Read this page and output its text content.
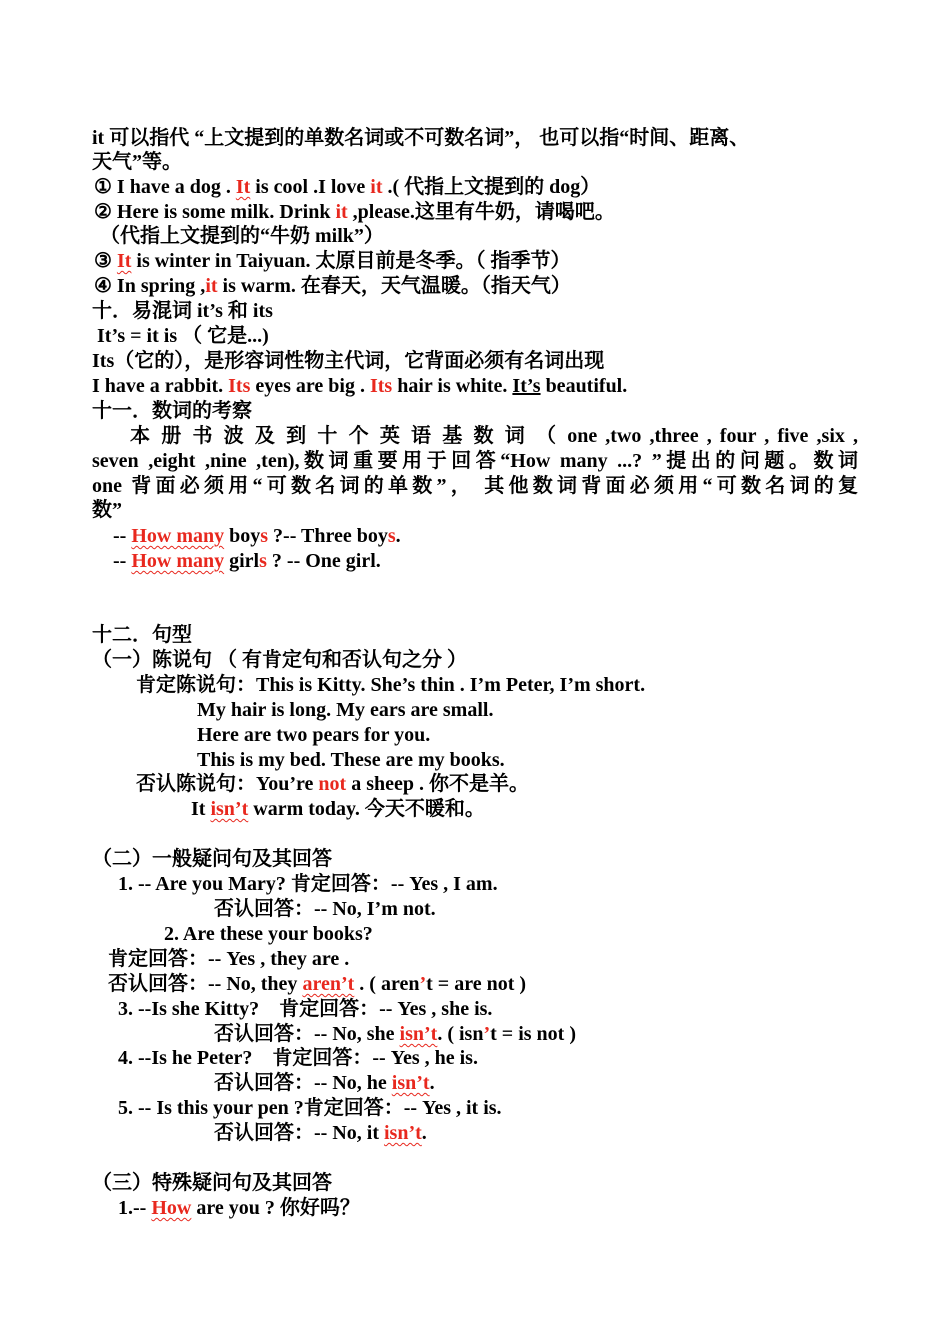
it 可以指代 “上文提到的单数名词或不可数名词”， 也可以指“时间、距离、
天气”等。
① I have a dog . It is cool .I love it .( 代指上文提到的 dog）
② Here is some milk. Drink it ,please.这里有牛奶，请喝吧。
（代指上文提到的“牛奶 milk”）
③ It is winter in Taiyuan. 太原目前是冬季。（ 指季节）
④ In spring ,it is warm. 在春天，天气温暖。（指天气）
十．易混词 it’s 和 its
It’s = it is （ 它是...)
Its（它的），是形容词性物主代词，它背面必须有名词出现
I have a rabbit. Its eyes are big . Its hair is white. It’s beautiful.
十一．数词的考察
本 册 书 波 及 到 十 个 英 语 基 数 词 （ one ,two ,three , four , five ,six ,
seven ,eight ,nine ,ten),数词重要用于回答“How many ...? ”提出的问题。数词
one 背面必须用“可数名词的单数”， 其他数词背面必须用“可数名词的复
数”
-- How many boys ?-- Three boys.
-- How many girls ? -- One girl.
十二．句型
（一）陈说句 （ 有肯定句和否认句之分 ）
肯定陈说句：This is Kitty. She’s thin . I’m Peter, I’m short.
My hair is long. My ears are small.
Here are two pears for you.
This is my bed. These are my books.
否认陈说句：You’re not a sheep . 你不是羊。
It isn’t warm today. 今天不暖和。
（二）一般疑问句及其回答
1. -- Are you Mary? 肯定回答：-- Yes , I am.
否认回答：-- No, I’m not.
2. Are these your books?
肯定回答：-- Yes , they are .
否认回答：-- No, they aren’t . ( aren’t = are not )
3. --Is she Kitty?    肯定回答：-- Yes , she is.
否认回答：-- No, she isn’t. ( isn’t = is not )
4. --Is he Peter?    肯定回答：-- Yes , he is.
否认回答：-- No, he isn’t.
5. -- Is this your pen ?肯定回答：-- Yes , it is.
否认回答：-- No, it isn’t.
（三）特殊疑问句及其回答
1.-- How are you ? 你好吗？
